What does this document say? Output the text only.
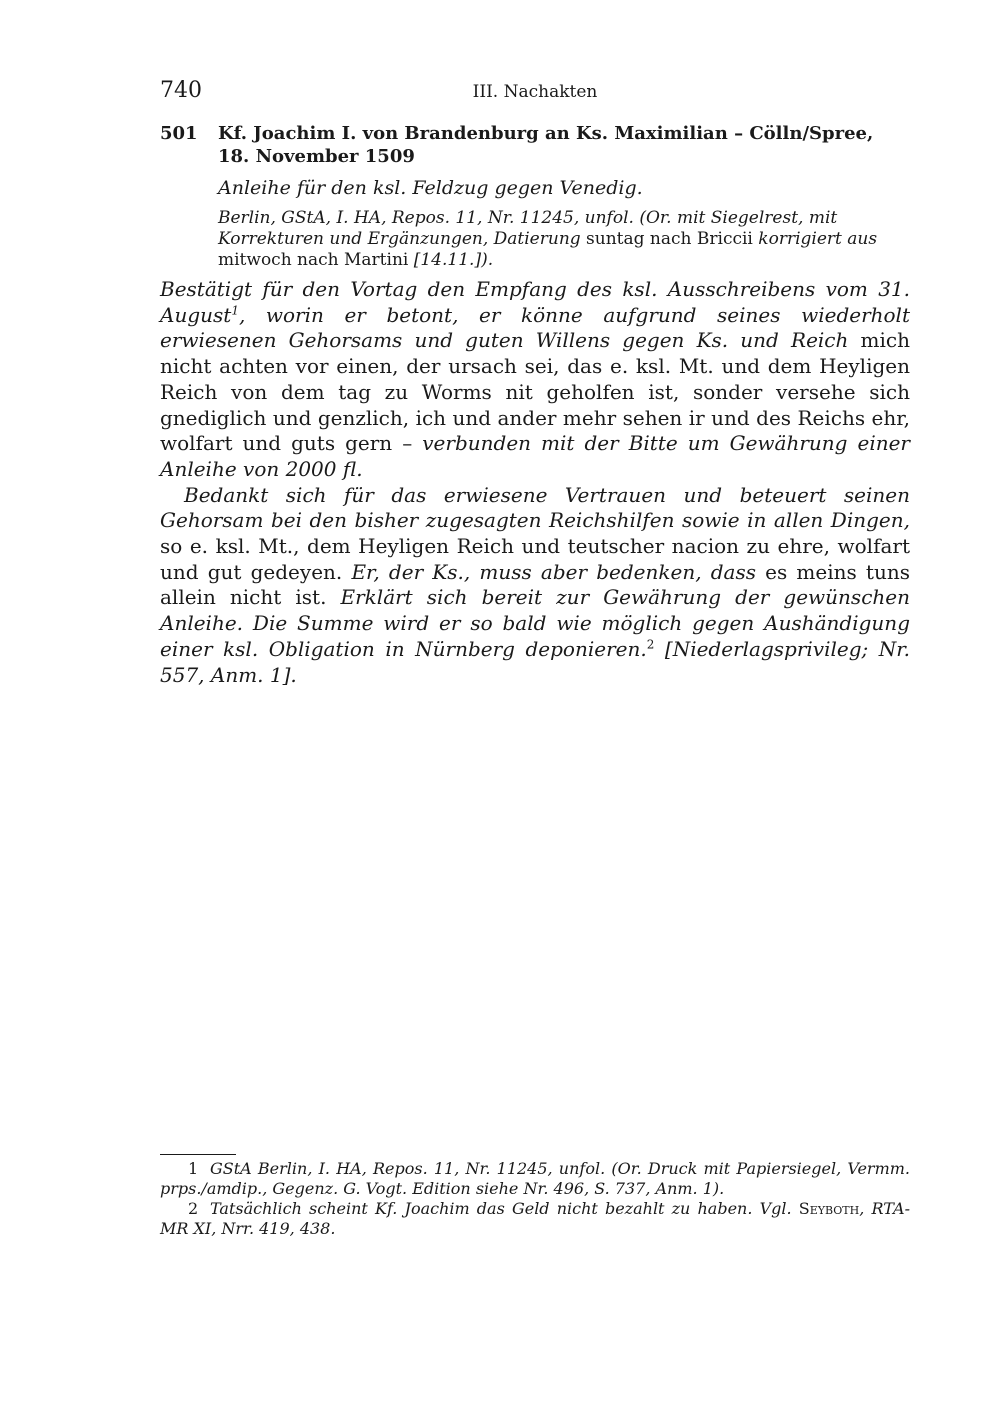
740	III. Nachakten
501 Kf. Joachim I. von Brandenburg an Ks. Maximilian – Cölln/Spree, 18. November 1509
Anleihe für den ksl. Feldzug gegen Venedig.
Berlin, GStA, I. HA, Repos. 11, Nr. 11245, unfol. (Or. mit Siegelrest, mit Korrekturen und Ergänzungen, Datierung suntag nach Briccii korrigiert aus mitwoch nach Martini [14.11.]).

Bestätigt für den Vortag den Empfang des ksl. Ausschreibens vom 31. August$^1$, worin er betont, er könne aufgrund seines wiederholt erwiesenen Gehorsams und guten Willens gegen Ks. und Reich mich nicht achten vor einen, der ursach sei, das e. ksl. Mt. und dem Heyligen Reich von dem tag zu Worms nit geholfen ist, sonder versehe sich gnediglich und genzlich, ich und ander mehr sehen ir und des Reichs ehr, wolfart und guts gern – verbunden mit der Bitte um Gewährung einer Anleihe von 2000 fl.

Bedankt sich für das erwiesene Vertrauen und beteuert seinen Gehorsam bei den bisher zugesagten Reichshilfen sowie in allen Dingen, so e. ksl. Mt., dem Heyligen Reich und teutscher nacion zu ehre, wolfart und gut gedeyen. Er, der Ks., muss aber bedenken, dass es meins tuns allein nicht ist. Erklärt sich bereit zur Gewährung der gewünschen Anleihe. Die Summe wird er so bald wie möglich gegen Aushändigung einer ksl. Obligation in Nürnberg deponieren.$^2$ [Niederlagsprivileg; Nr. 557, Anm. 1].

1 GStA Berlin, I. HA, Repos. 11, Nr. 11245, unfol. (Or. Druck mit Papiersiegel, Vermm. prps./amdip., Gegenz. G. Vogt. Edition siehe Nr. 496, S. 737, Anm. 1).

2 Tatsächlich scheint Kf. Joachim das Geld nicht bezahlt zu haben. Vgl. Seyboth, RTA-MR XI, Nrr. 419, 438.
